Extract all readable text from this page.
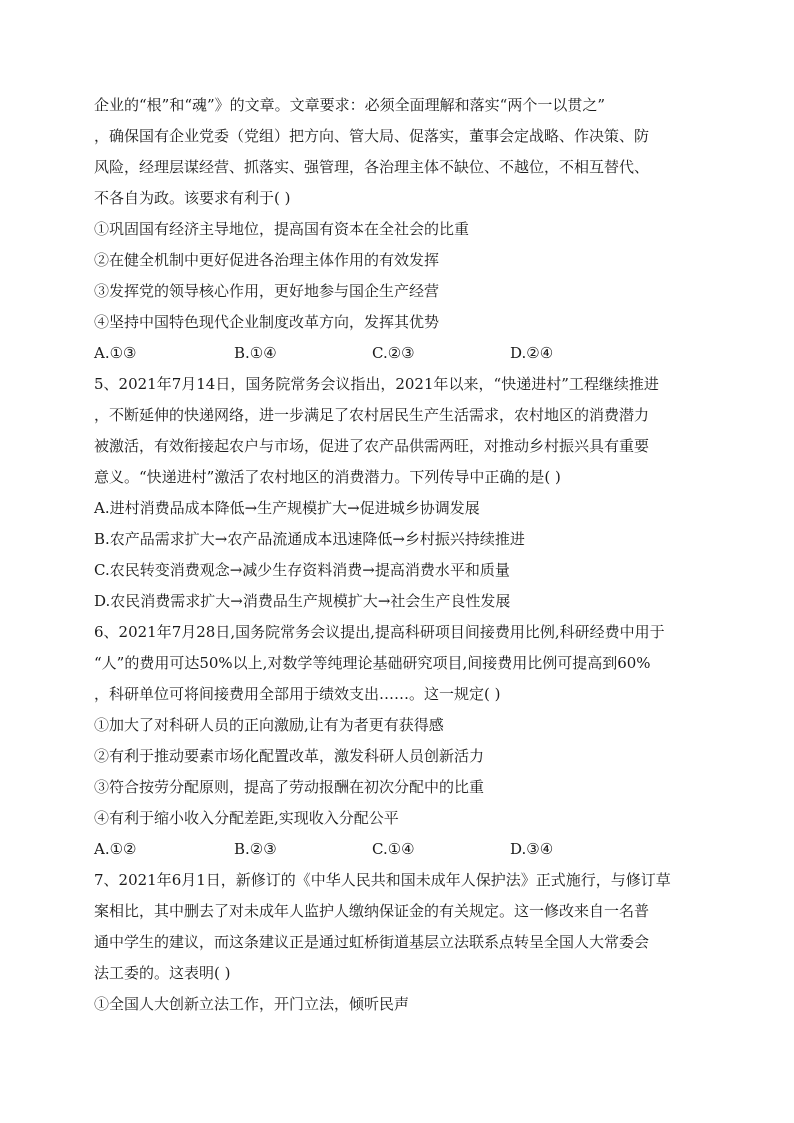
企业的“根”和“魂”》的文章。文章要求：必须全面理解和落实“两个一以贯之”
，确保国有企业党委（党组）把方向、管大局、促落实，董事会定战略、作决策、防
风险，经理层谋经营、抓落实、强管理，各治理主体不缺位、不越位，不相互替代、
不各自为政。该要求有利于( )
①巩固国有经济主导地位，提高国有资本在全社会的比重
②在健全机制中更好促进各治理主体作用的有效发挥
③发挥党的领导核心作用，更好地参与国企生产经营
④坚持中国特色现代企业制度改革方向，发挥其优势
A.①③	B.①④	C.②③	D.②④
5、2021年7月14日，国务院常务会议指出，2021年以来，“快递进村”工程继续推进
，不断延伸的快递网络，进一步满足了农村居民生产生活需求，农村地区的消费潜力
被激活，有效衔接起农户与市场，促进了农产品供需两旺，对推动乡村振兴具有重要
意义。“快递进村”激活了农村地区的消费潜力。下列传导中正确的是( )
A.进村消费品成本降低→生产规模扩大→促进城乡协调发展
B.农产品需求扩大→农产品流通成本迅速降低→乡村振兴持续推进
C.农民转变消费观念→减少生存资料消费→提高消费水平和质量
D.农民消费需求扩大→消费品生产规模扩大→社会生产良性发展
6、2021年7月28日,国务院常务会议提出,提高科研项目间接费用比例,科研经费中用于
“人”的费用可达50%以上,对数学等纯理论基础研究项目,间接费用比例可提高到60%
，科研单位可将间接费用全部用于绩效支出……。这一规定( )
①加大了对科研人员的正向激励,让有为者更有获得感
②有利于推动要素市场化配置改革，激发科研人员创新活力
③符合按劳分配原则，提高了劳动报酬在初次分配中的比重
④有利于缩小收入分配差距,实现收入分配公平
A.①②	B.②③	C.①④	D.③④
7、2021年6月1日，新修订的《中华人民共和国未成年人保护法》正式施行，与修订草
案相比，其中删去了对未成年人监护人缴纳保证金的有关规定。这一修改来自一名普
通中学生的建议，而这条建议正是通过虹桥街道基层立法联系点转呈全国人大常委会
法工委的。这表明( )
①全国人大创新立法工作，开门立法，倾听民声
